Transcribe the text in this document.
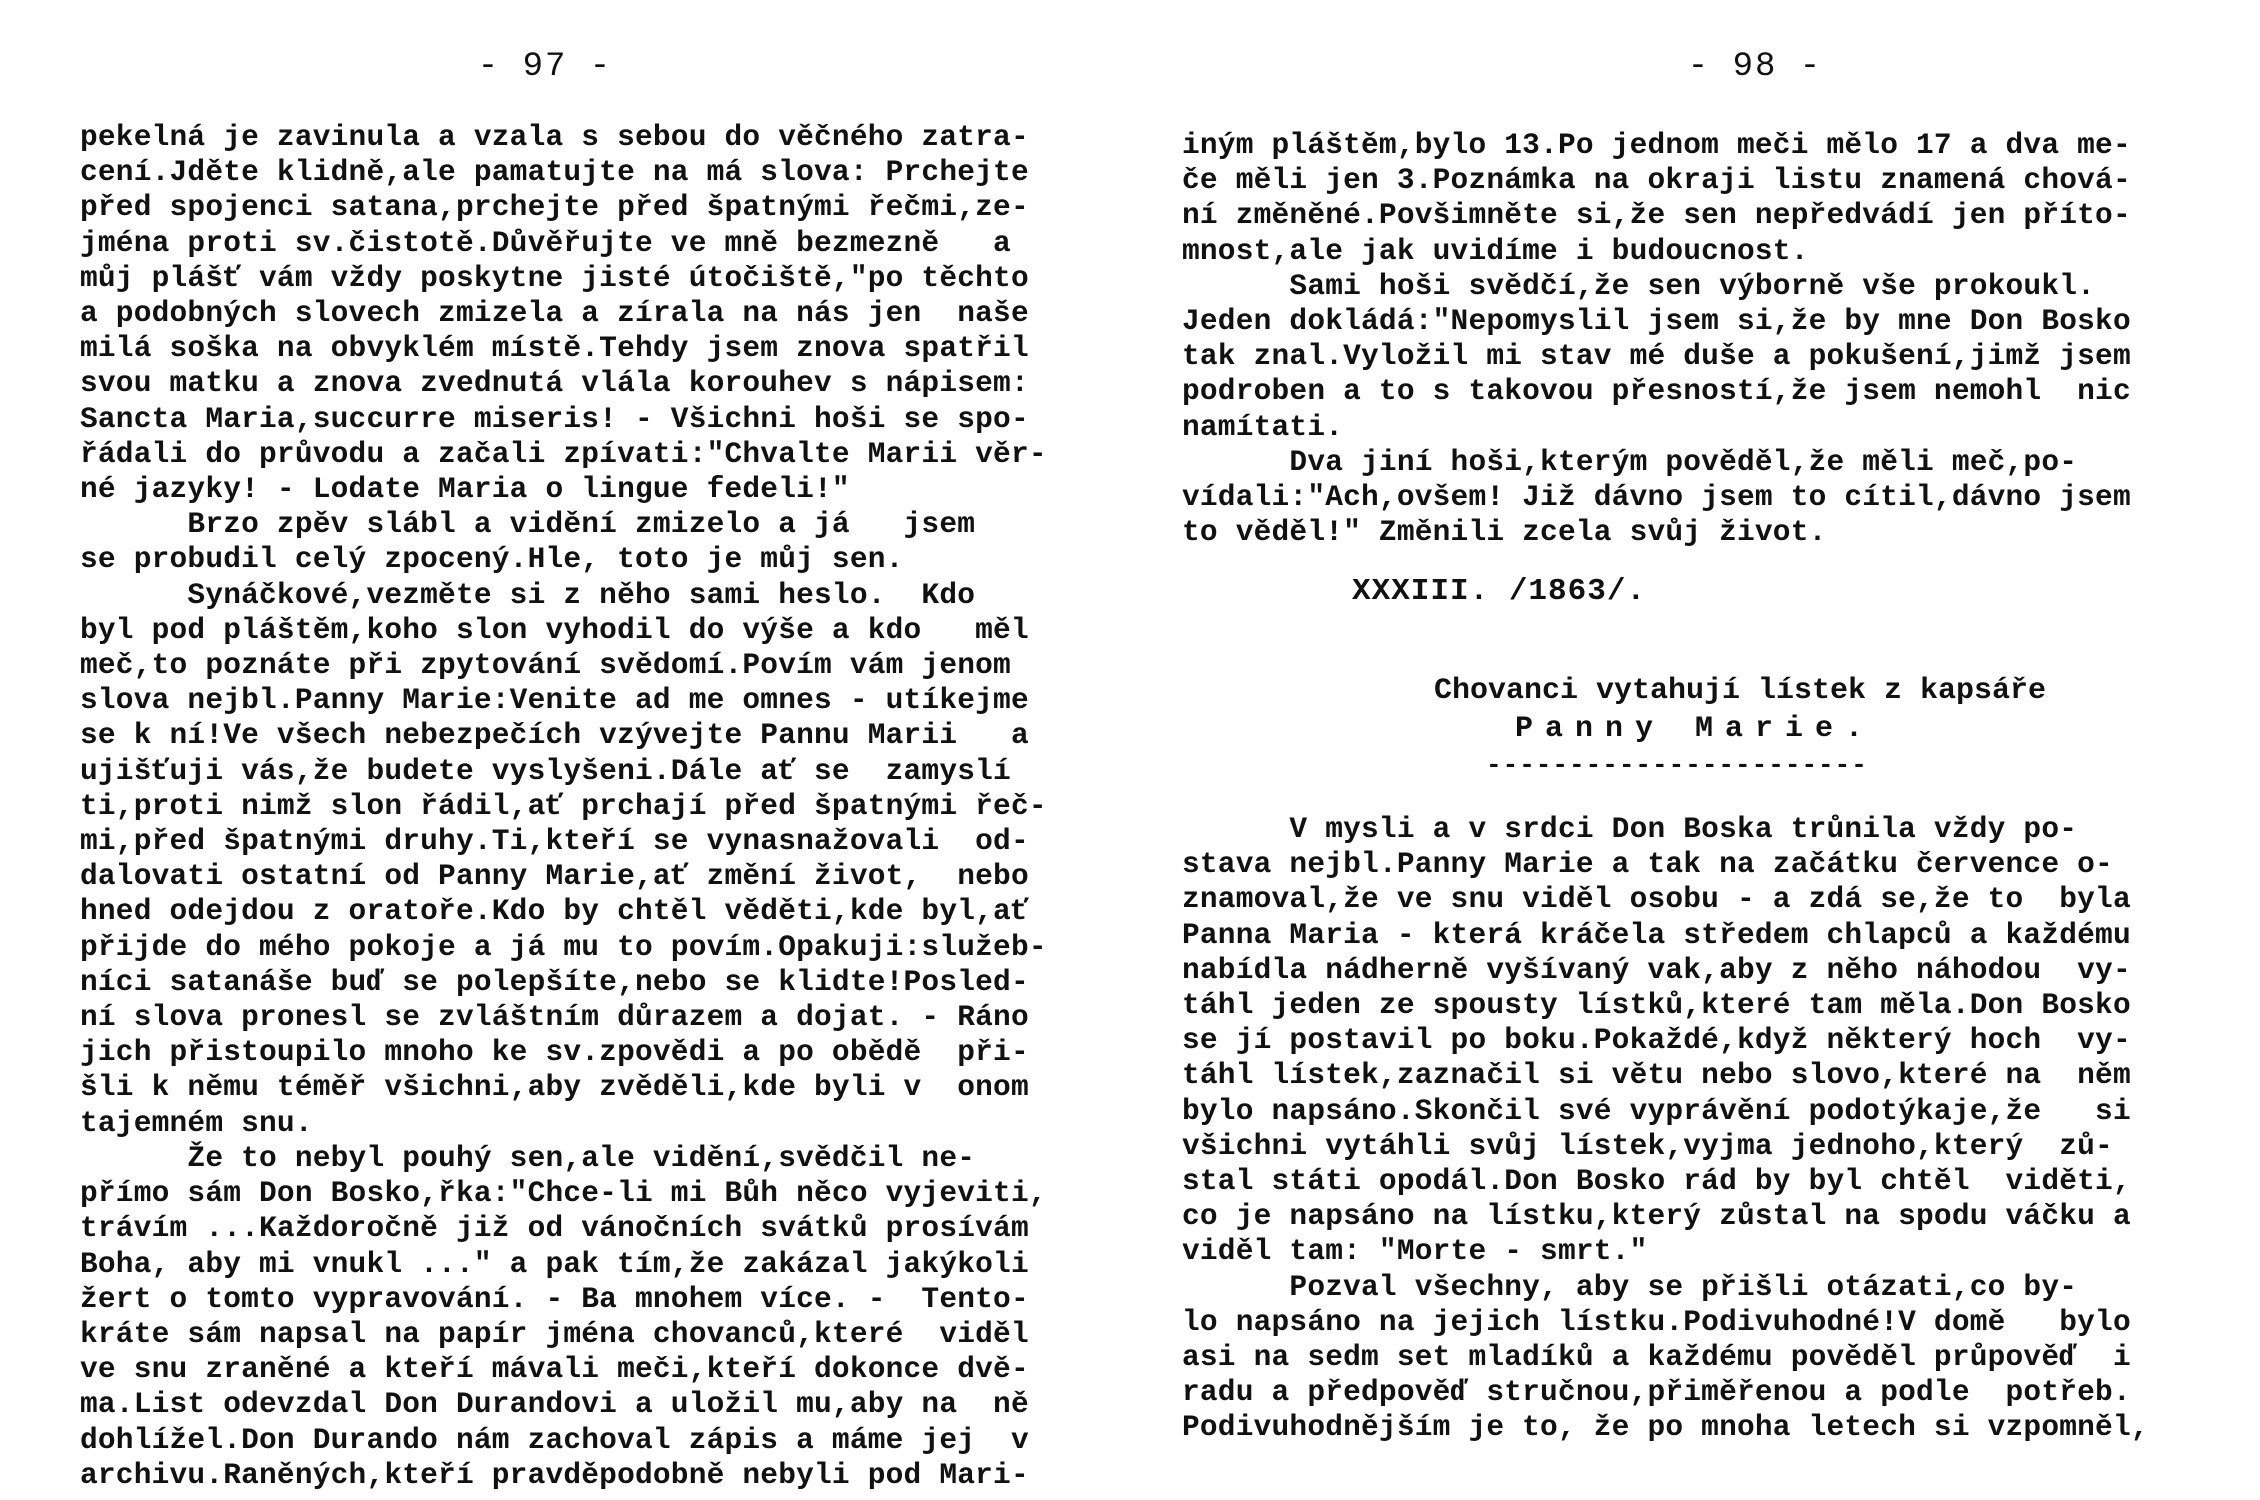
- 97 -
pekelná je zavinula a vzala s sebou do věčného zatra-
cení.Jděte klidně,ale pamatujte na má slova: Prchejte
před spojenci satana,prchejte před špatnými řečmi,ze-
jména proti sv.čistotě.Důvěřujte ve mně bezmezně   a
můj plášť vám vždy poskytne jisté útočiště,"po těchto
a podobných slovech zmizela a zírala na nás jen  naše
milá soška na obvyklém místě.Tehdy jsem znova spatřil
svou matku a znova zvednutá vlála korouhev s nápisem:
Sancta Maria,succurre miseris! - Všichni hoši se spo-
řádali do průvodu a začali zpívati:"Chvalte Marii věr-
né jazyky! - Lodate Maria o lingue fedeli!"
Brzo zpěv slábl a vidění zmizelo a já   jsem
se probudil celý zpocený.Hle, toto je můj sen.
Synáčkové,vezměte si z něho sami heslo.  Kdo
byl pod pláštěm,koho slon vyhodil do výše a kdo   měl
meč,to poznáte při zpytování svědomí.Povím vám jenom
slova nejbl.Panny Marie:Venite ad me omnes - utíkejme
se k ní!Ve všech nebezpečích vzývejte Pannu Marii   a
ujišťuji vás,že budete vyslyšeni.Dále ať se  zamyslí
ti,proti nimž slon řádil,ať prchají před špatnými řeč-
mi,před špatnými druhy.Ti,kteří se vynasnažovali  od-
dalovati ostatní od Panny Marie,ať změní život,  nebo
hned odejdou z oratoře.Kdo by chtěl věděti,kde byl,ať
přijde do mého pokoje a já mu to povím.Opakuji:služeb-
níci satanáše buď se polepšíte,nebo se klidte!Posled-
ní slova pronesl se zvláštním důrazem a dojat. - Ráno
jich přistoupilo mnoho ke sv.zpovědi a po obědě  při-
šli k němu téměř všichni,aby zvěděli,kde byli v  onom
tajemném snu.
Že to nebyl pouhý sen,ale vidění,svědčil ne-
přímo sám Don Bosko,řka:"Chce-li mi Bůh něco vyjeviti,
trávím ...Každoročně již od vánočních svátků prosívám
Boha, aby mi vnukl ..." a pak tím,že zakázal jakýkoli
žert o tomto vypravování. - Ba mnohem více. -  Tento-
kráte sám napsal na papír jména chovanců,které  viděl
ve snu zraněné a kteří mávali meči,kteří dokonce dvě-
ma.List odevzdal Don Durandovi a uložil mu,aby na  ně
dohlížel.Don Durando nám zachoval zápis a máme jej  v
archivu.Raněných,kteří pravděpodobně nebyli pod Mari-
- 98 -
iným pláštěm,bylo 13.Po jednom meči mělo 17 a dva me-
če měli jen 3.Poznámka na okraji listu znamená chová-
ní změněné.Povšimněte si,že sen nepředvádí jen příto-
mnost,ale jak uvidíme i budoucnost.
Sami hoši svědčí,že sen výborně vše prokoukl.
Jeden dokládá:"Nepomyslil jsem si,že by mne Don Bosko
tak znal.Vyložil mi stav mé duše a pokušení,jimž jsem
podroben a to s takovou přesností,že jsem nemohl  nic
namítati.
Dva jiní hoši,kterým pověděl,že měli meč,po-
vídali:"Ach,ovšem! Již dávno jsem to cítil,dávno jsem
to věděl!" Změnili zcela svůj život.
XXXIII. /1863/.
Chovanci vytahují lístek z kapsáře
Panny Marie.
-----------------------
V mysli a v srdci Don Boska trůnila vždy po-
stava nejbl.Panny Marie a tak na začátku července o-
znamoval,že ve snu viděl osobu - a zdá se,že to  byla
Panna Maria - která kráčela středem chlapců a každému
nabídla nádherně vyšívaný vak,aby z něho náhodou  vy-
táhl jeden ze spousty lístků,které tam měla.Don Bosko
se jí postavil po boku.Pokaždé,když některý hoch  vy-
táhl lístek,zaznačil si větu nebo slovo,které na  něm
bylo napsáno.Skončil své vyprávění podotýkaje,že   si
všichni vytáhli svůj lístek,vyjma jednoho,který  zů-
stal státi opodál.Don Bosko rád by byl chtěl  viděti,
co je napsáno na lístku,který zůstal na spodu váčku a
viděl tam: "Morte - smrt."
Pozval všechny, aby se přišli otázati,co by-
lo napsáno na jejich lístku.Podivuhodné!V domě   bylo
asi na sedm set mladíků a každému pověděl průpověď  i
radu a předpověď stručnou,přiměřenou a podle  potřeb.
Podivuhodnějším je to, že po mnoha letech si vzpomněl,
